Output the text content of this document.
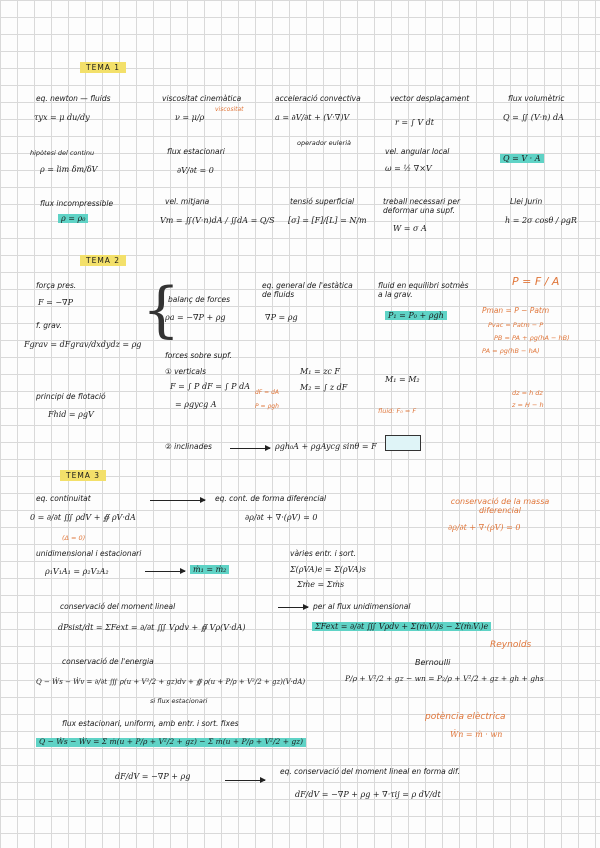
TEMA 1
eq. newton — fluids
τyx = μ du/dy
viscositat cinemàtica
ν = μ/ρ
viscositat
acceleració convectiva
a = ∂V/∂t + (V·∇)V
operador eulerià
vector desplaçament
r = ∫ V dt
flux volumètric
Q = ∬ (V·n) dA
Q = V · A
hipòtesi del continu
ρ = lim δm/δV
flux estacionari
∂V/∂t = 0
vel. angular local
ω = ½ ∇×V
flux incompressible
ρ = ρ₀
vel. mitjana
Vm = ∬(V·n)dA / ∬dA = Q/S
tensió superficial
[σ] = [F]/[L] = N/m
treball necessari per deformar una supf.
W = σ A
Llei Jurin
h = 2σ cosθ / ρgR
TEMA 2
força pres.
F = −∇P
f. grav.
Fgrav = dFgrav/dxdydz = ρg {
balanç de forces
ρa = −∇P + ρg
eq. general de l'estàtica de fluids
∇P = ρg
fluid en equilibri sotmès a la grav.
P₁ = P₀ + ρgh
P = F / A
Pman = P − Patm
Pvac = Patm − P
PB = PA + ρg(hA − hB)
PA = ρg(hB − hA)
forces sobre supf.
① verticals
F = ∫ P dF = ∫ P dA
= ρgycg A
dF = dA
P = ρgh
M₁ = zc F
M₂ = ∫ z dF
M₁ = M₂
fluid: F₀ = F
dz = h dz
z = H − h
principi de flotació
Fhid = ρgV
② inclinades	ρgh₀A + ρgAycg sinθ = F
TEMA 3
eq. continuitat
0 = ∂/∂t ∭ ρdV + ∯ ρV·dA
(Δ = 0)
eq. cont. de forma diferencial
∂ρ/∂t + ∇·(ρV) = 0
conservació de la massa diferencial
∂ρ/∂t + ∇·(ρV) = 0
unidimensional i estacionari
ρ₁V₁A₁ = ρ₂V₂A₂	ṁ₁ = ṁ₂
vàries entr. i sort.
Σ(ρVA)e = Σ(ρVA)s
Σṁe = Σṁs
conservació del moment lineal
dPsist/dt = ΣFext = ∂/∂t ∭ Vρdv + ∯ Vρ(V·dA)
per al flux unidimensional
ΣFext = ∂/∂t ∭ Vρdv + Σ(ṁᵢVᵢ)s − Σ(ṁᵢVᵢ)e
Reynolds
conservació de l'energia	Bernoulli
Q − Ẇs − Ẇv = ∂/∂t ∭ ρ(u + V²/2 + gz)dv + ∯ ρ(u + P/ρ + V²/2 + gz)(V·dA)
si flux estacionari
P/ρ + V²/2 + gz − wn = P₂/ρ + V²/2 + gz + gh + ghs
flux estacionari, uniform, amb entr. i sort. fixes
Q − Ẇs − Ẇv = Σ ṁ(u + P/ρ + V²/2 + gz) − Σ ṁ(u + P/ρ + V²/2 + gz)
potència elèctrica
Ẇn = ṁ · wn
dF/dV = −∇P + ρg
eq. conservació del moment lineal en forma dif.
dF/dV = −∇P + ρg + ∇·τij = ρ dV/dt
